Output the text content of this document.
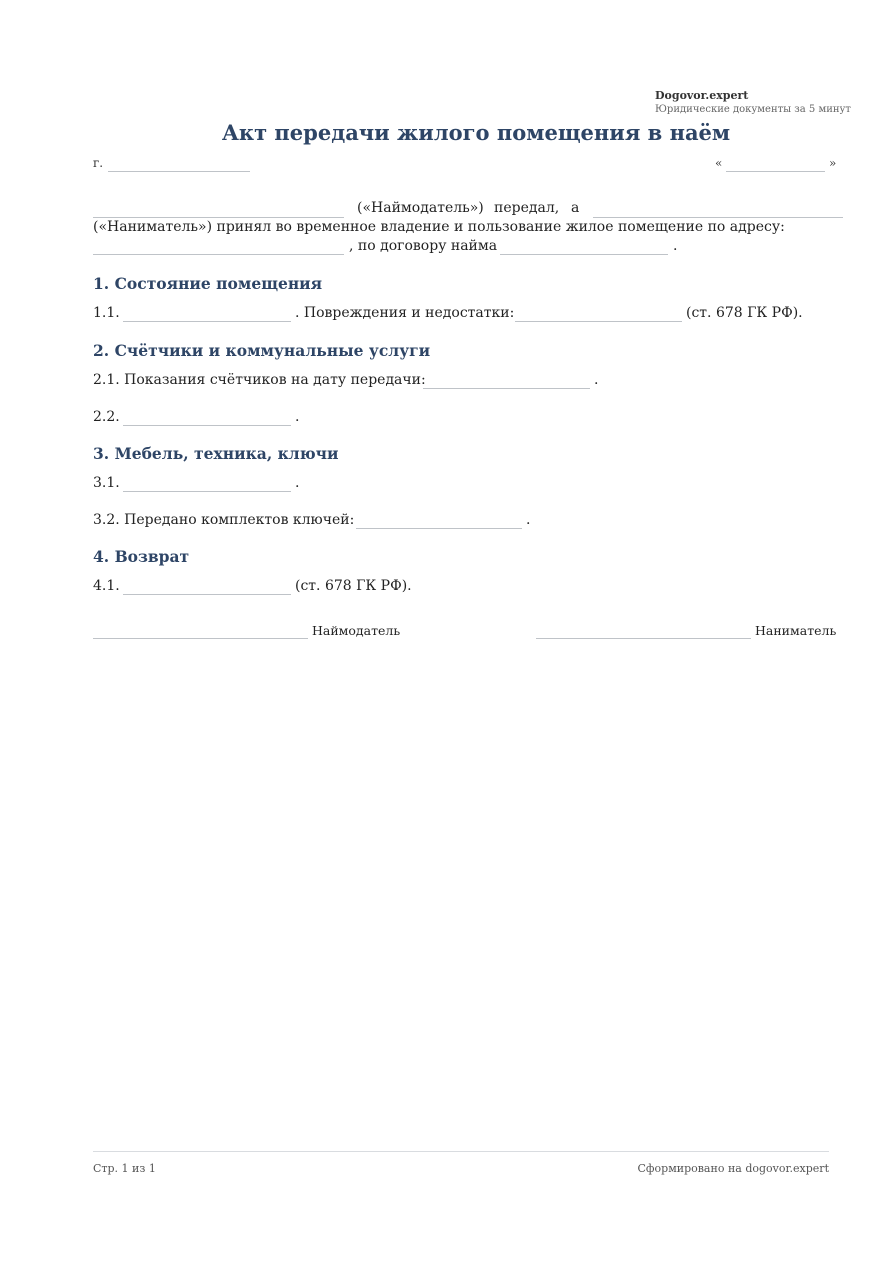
Dogovor.expert
Юридические документы за 5 минут
Акт передачи жилого помещения в наём
г.	«	»
(«Наймодатель») передал, а
(«Наниматель») принял во временное владение и пользование жилое помещение по адресу:
, по договору найма	.
1. Состояние помещения
1.1.	. Повреждения и недостатки:	(ст. 678 ГК РФ).
2. Счётчики и коммунальные услуги
2.1. Показания счётчиков на дату передачи:	.
2.2.	.
3. Мебель, техника, ключи
3.1.	.
3.2. Передано комплектов ключей:	.
4. Возврат
4.1.	(ст. 678 ГК РФ).
Наймодатель	Наниматель
Стр. 1 из 1	Сформировано на dogovor.expert
